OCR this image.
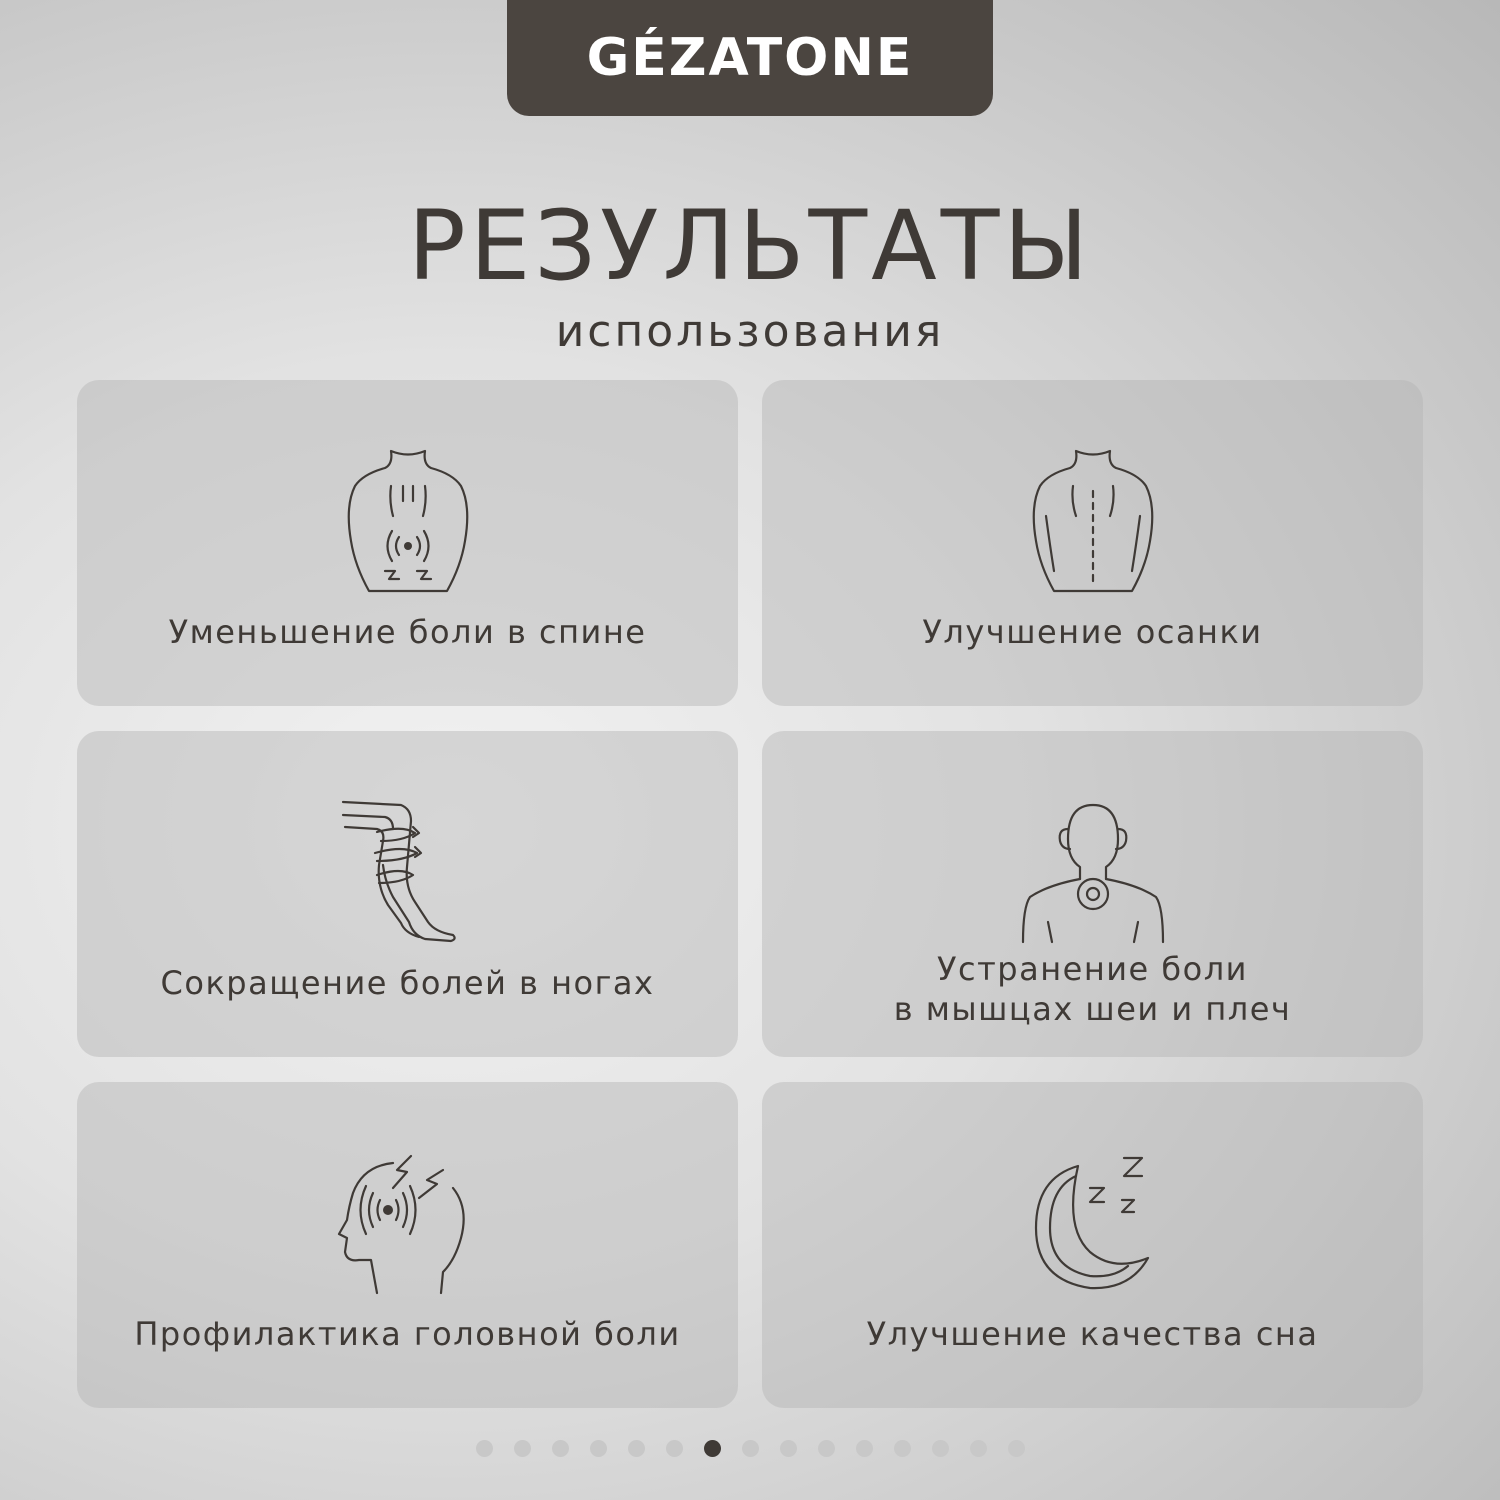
GÉZATONE
РЕЗУЛЬТАТЫ
использования
Уменьшение боли в спине	Улучшение осанки
Сокращение болей в ногах	Устранение боли
в мышцах шеи и плеч
Профилактика головной боли	Улучшение качества сна
